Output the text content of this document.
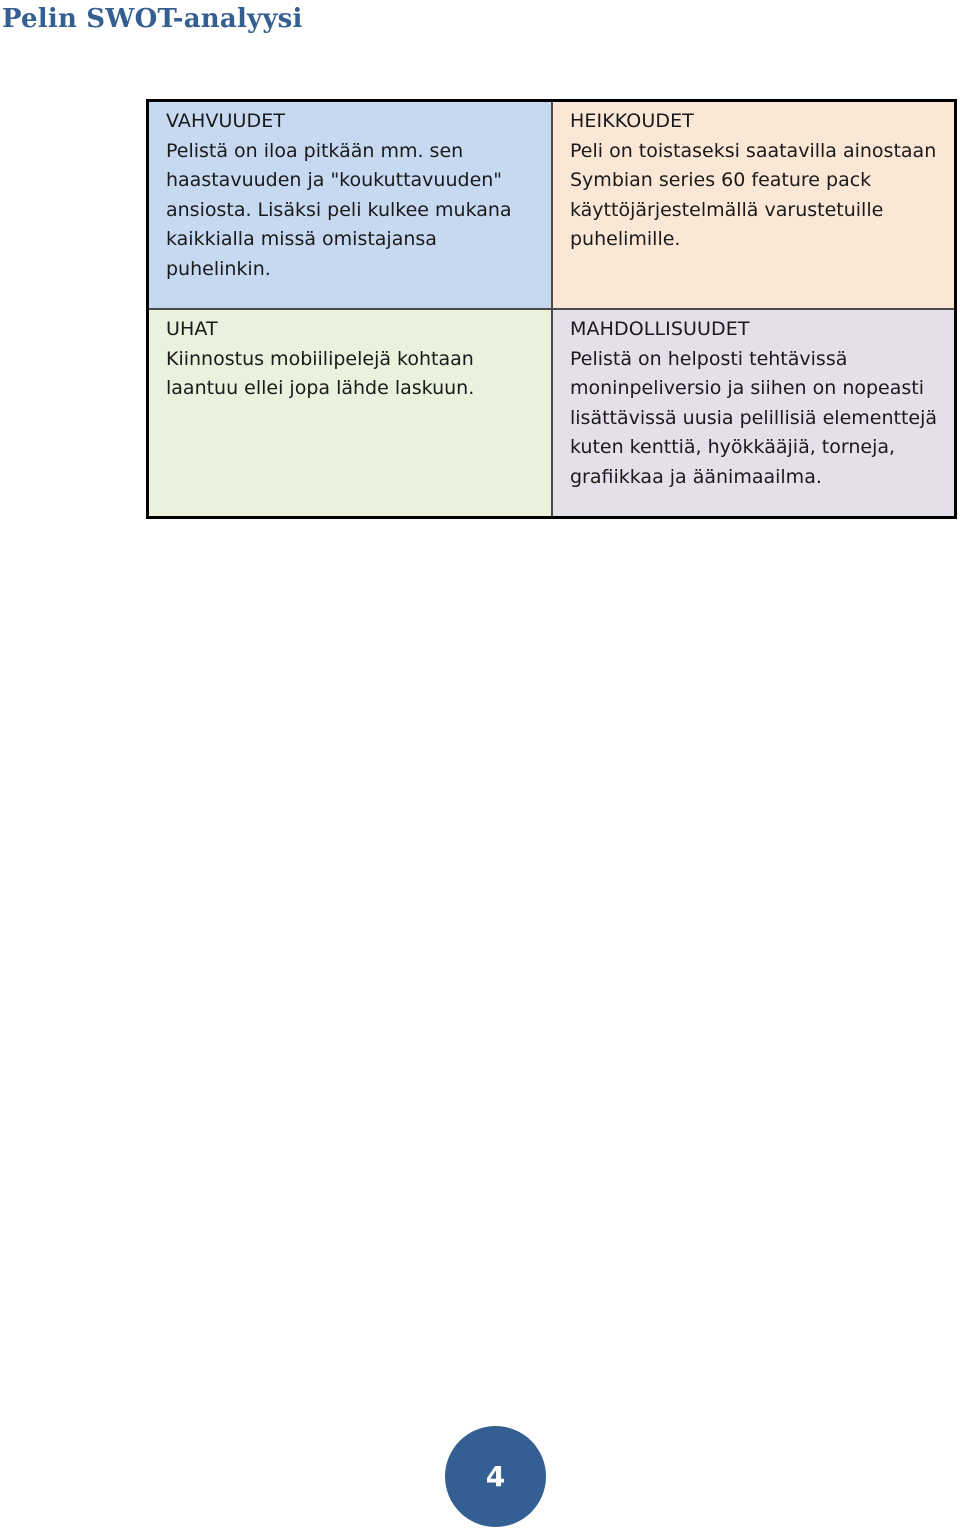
Pelin SWOT-analyysi
VAHVUUDET
Pelistä on iloa pitkään mm. sen haastavuuden ja "koukuttavuuden" ansiosta. Lisäksi peli kulkee mukana kaikkialla missä omistajansa puhelinkin.
HEIKKOUDET
Peli on toistaseksi saatavilla ainostaan Symbian series 60 feature pack käyttöjärjestelmällä varustetuille puhelimille.
UHAT
Kiinnostus mobiilipelejä kohtaan laantuu ellei jopa lähde laskuun.
MAHDOLLISUUDET
Pelistä on helposti tehtävissä moninpeliversio ja siihen on nopeasti lisättävissä uusia pelillisiä elementtejä kuten kenttiä, hyökkääjiä, torneja, grafiikkaa ja äänimaailma.
4
